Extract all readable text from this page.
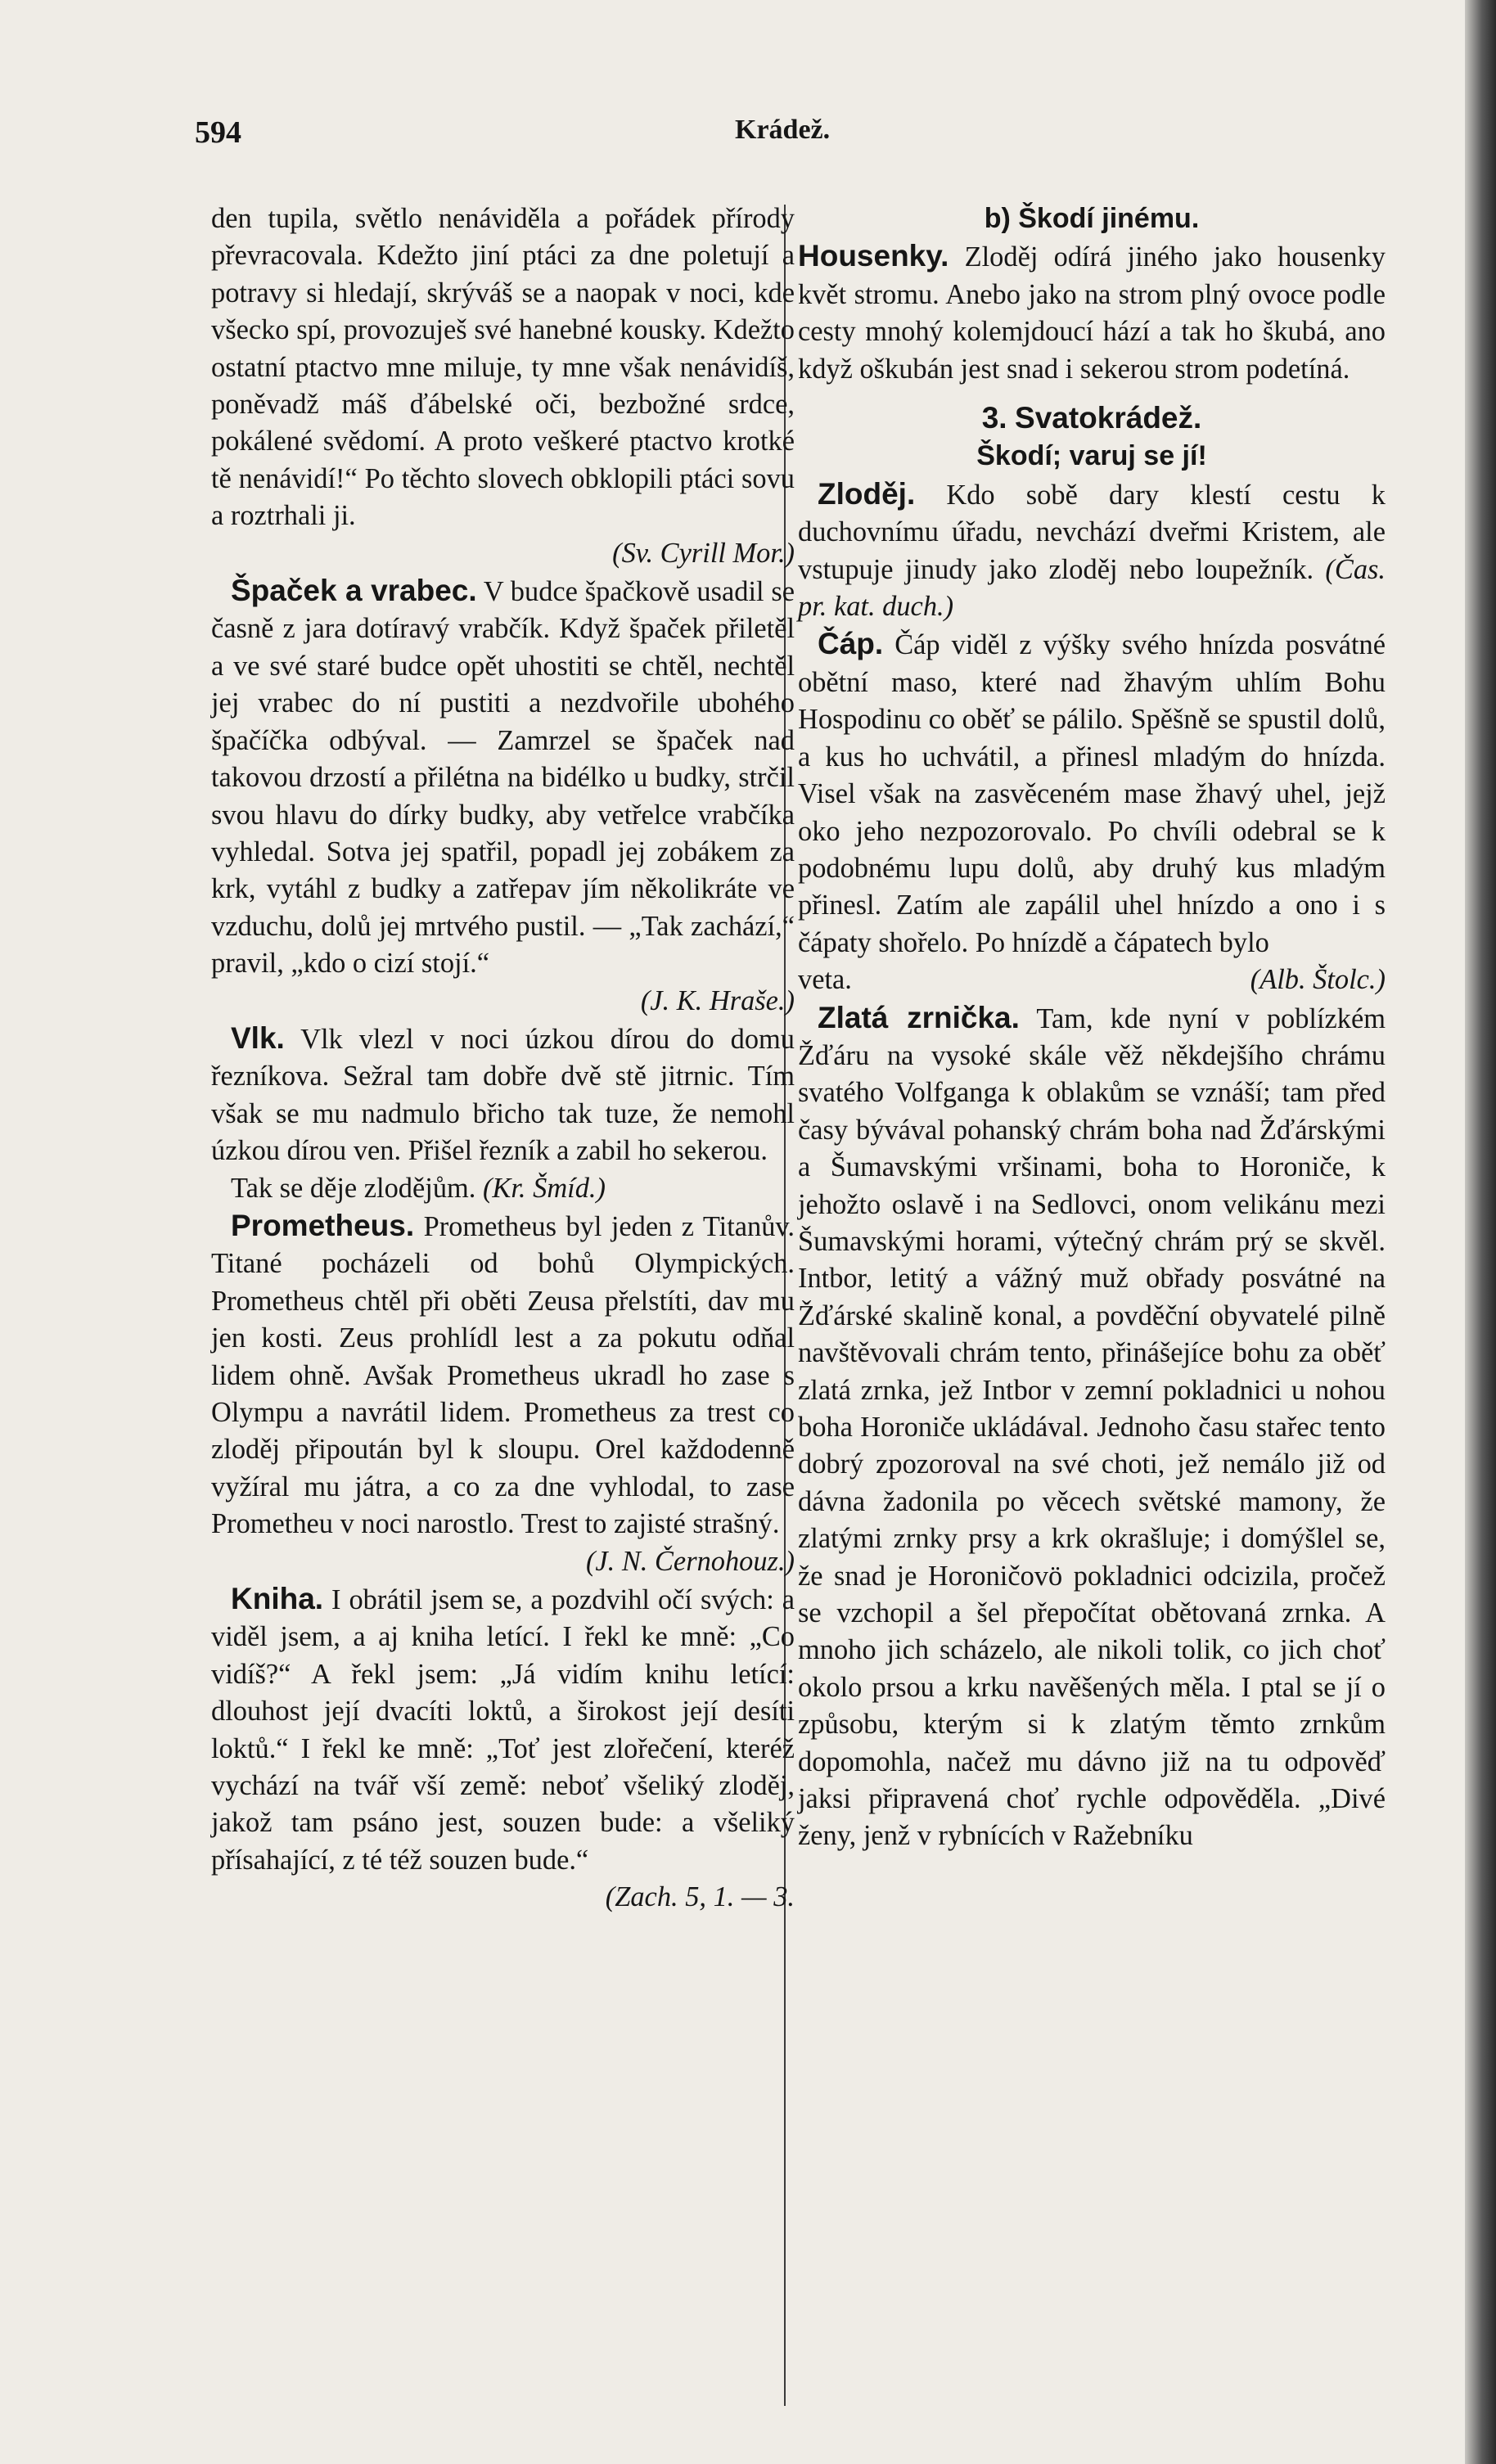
594	Krádež.

den tupila, světlo nenáviděla a pořádek přírody převracovala. Kdežto jiní ptáci za dne poletují a potravy si hledají, skrýváš se a naopak v noci, kde všecko spí, provozuješ své hanebné kousky. Kdežto ostatní ptactvo mne miluje, ty mne však nenávidíš, poněvadž máš ďábelské oči, bezbožné srdce, pokálené svědomí. A proto veškeré ptactvo krotké tě nenávidí!“ Po těchto slovech obklopili ptáci sovu a roztrhali ji.

(Sv. Cyrill Mor.)

Špaček a vrabec. V budce špačkově usadil se časně z jara dotíravý vrabčík. Když špaček přiletěl a ve své staré budce opět uhostiti se chtěl, nechtěl jej vrabec do ní pustiti a nezdvořile ubohého špačíčka odbýval. — Zamrzel se špaček nad takovou drzostí a přilétna na bidélko u budky, strčil svou hlavu do dírky budky, aby vetřelce vrabčíka vyhledal. Sotva jej spatřil, popadl jej zobákem za krk, vytáhl z budky a zatřepav jím několikráte ve vzduchu, dolů jej mrtvého pustil. — „Tak zachází,“ pravil, „kdo o cizí stojí.“

(J. K. Hraše.)

Vlk. Vlk vlezl v noci úzkou dírou do domu řezníkova. Sežral tam dobře dvě stě jitrnic. Tím však se mu nadmulo břicho tak tuze, že nemohl úzkou dírou ven. Přišel řezník a zabil ho sekerou.

Tak se děje zlodějům. (Kr. Šmíd.)

Prometheus. Prometheus byl jeden z Titanův. Titané pocházeli od bohů Olympických. Prometheus chtěl při oběti Zeusa přelstíti, dav mu jen kosti. Zeus prohlídl lest a za pokutu odňal lidem ohně. Avšak Prometheus ukradl ho zase s Olympu a navrátil lidem. Prometheus za trest co zloděj připoután byl k sloupu. Orel každodenně vyžíral mu játra, a co za dne vyhlodal, to zase Prometheu v noci narostlo. Trest to zajisté strašný.

(J. N. Černohouz.)

Kniha. I obrátil jsem se, a pozdvihl očí svých: a viděl jsem, a aj kniha letící. I řekl ke mně: „Co vidíš?“ A řekl jsem: „Já vidím knihu letící: dlouhost její dvacíti loktů, a širokost její desíti loktů.“ I řekl ke mně: „Toť jest zlořečení, kteréž vychází na tvář vší země: neboť všeliký zloděj, jakož tam psáno jest, souzen bude: a všeliký přísahající, z té též souzen bude.“

(Zach. 5, 1. — 3.

b) Škodí jinému.

Housenky. Zloděj odírá jiného jako housenky květ stromu. Anebo jako na strom plný ovoce podle cesty mnohý kolemjdoucí hází a tak ho škubá, ano když oškubán jest snad i sekerou strom podetíná.

3. Svatokrádež.

Škodí; varuj se jí!

Zloděj. Kdo sobě dary klestí cestu k duchovnímu úřadu, nevchází dveřmi Kristem, ale vstupuje jinudy jako zloděj nebo loupežník. (Čas. pr. kat. duch.)

Čáp. Čáp viděl z výšky svého hnízda posvátné obětní maso, které nad žhavým uhlím Bohu Hospodinu co oběť se pálilo. Spěšně se spustil dolů, a kus ho uchvátil, a přinesl mladým do hnízda. Visel však na zasvěceném mase žhavý uhel, jejž oko jeho nezpozorovalo. Po chvíli odebral se k podobnému lupu dolů, aby druhý kus mladým přinesl. Zatím ale zapálil uhel hnízdo a ono i s čápaty shořelo. Po hnízdě a čápatech bylo

veta.	(Alb. Štolc.)

Zlatá zrnička. Tam, kde nyní v poblízkém Žďáru na vysoké skále věž někdejšího chrámu svatého Volfganga k oblakům se vznáší; tam před časy bývával pohanský chrám boha nad Žďárskými a Šumavskými vršinami, boha to Horoniče, k jehožto oslavě i na Sedlovci, onom velikánu mezi Šumavskými horami, výtečný chrám prý se skvěl. Intbor, letitý a vážný muž obřady posvátné na Žďárské skalině konal, a povděční obyvatelé pilně navštěvovali chrám tento, přinášejíce bohu za oběť zlatá zrnka, jež Intbor v zemní pokladnici u nohou boha Horoniče ukládával. Jednoho času stařec tento dobrý zpozoroval na své choti, jež nemálo již od dávna žadonila po věcech světské mamony, že zlatými zrnky prsy a krk okrašluje; i domýšlel se, že snad je Horoničovö pokladnici odcizila, pročež se vzchopil a šel přepočítat obětovaná zrnka. A mnoho jich scházelo, ale nikoli tolik, co jich choť okolo prsou a krku navěšených měla. I ptal se jí o způsobu, kterým si k zlatým těmto zrnkům dopomohla, načež mu dávno již na tu odpověď jaksi připravená choť rychle odpověděla. „Divé ženy, jenž v rybnících v Ražebníku
